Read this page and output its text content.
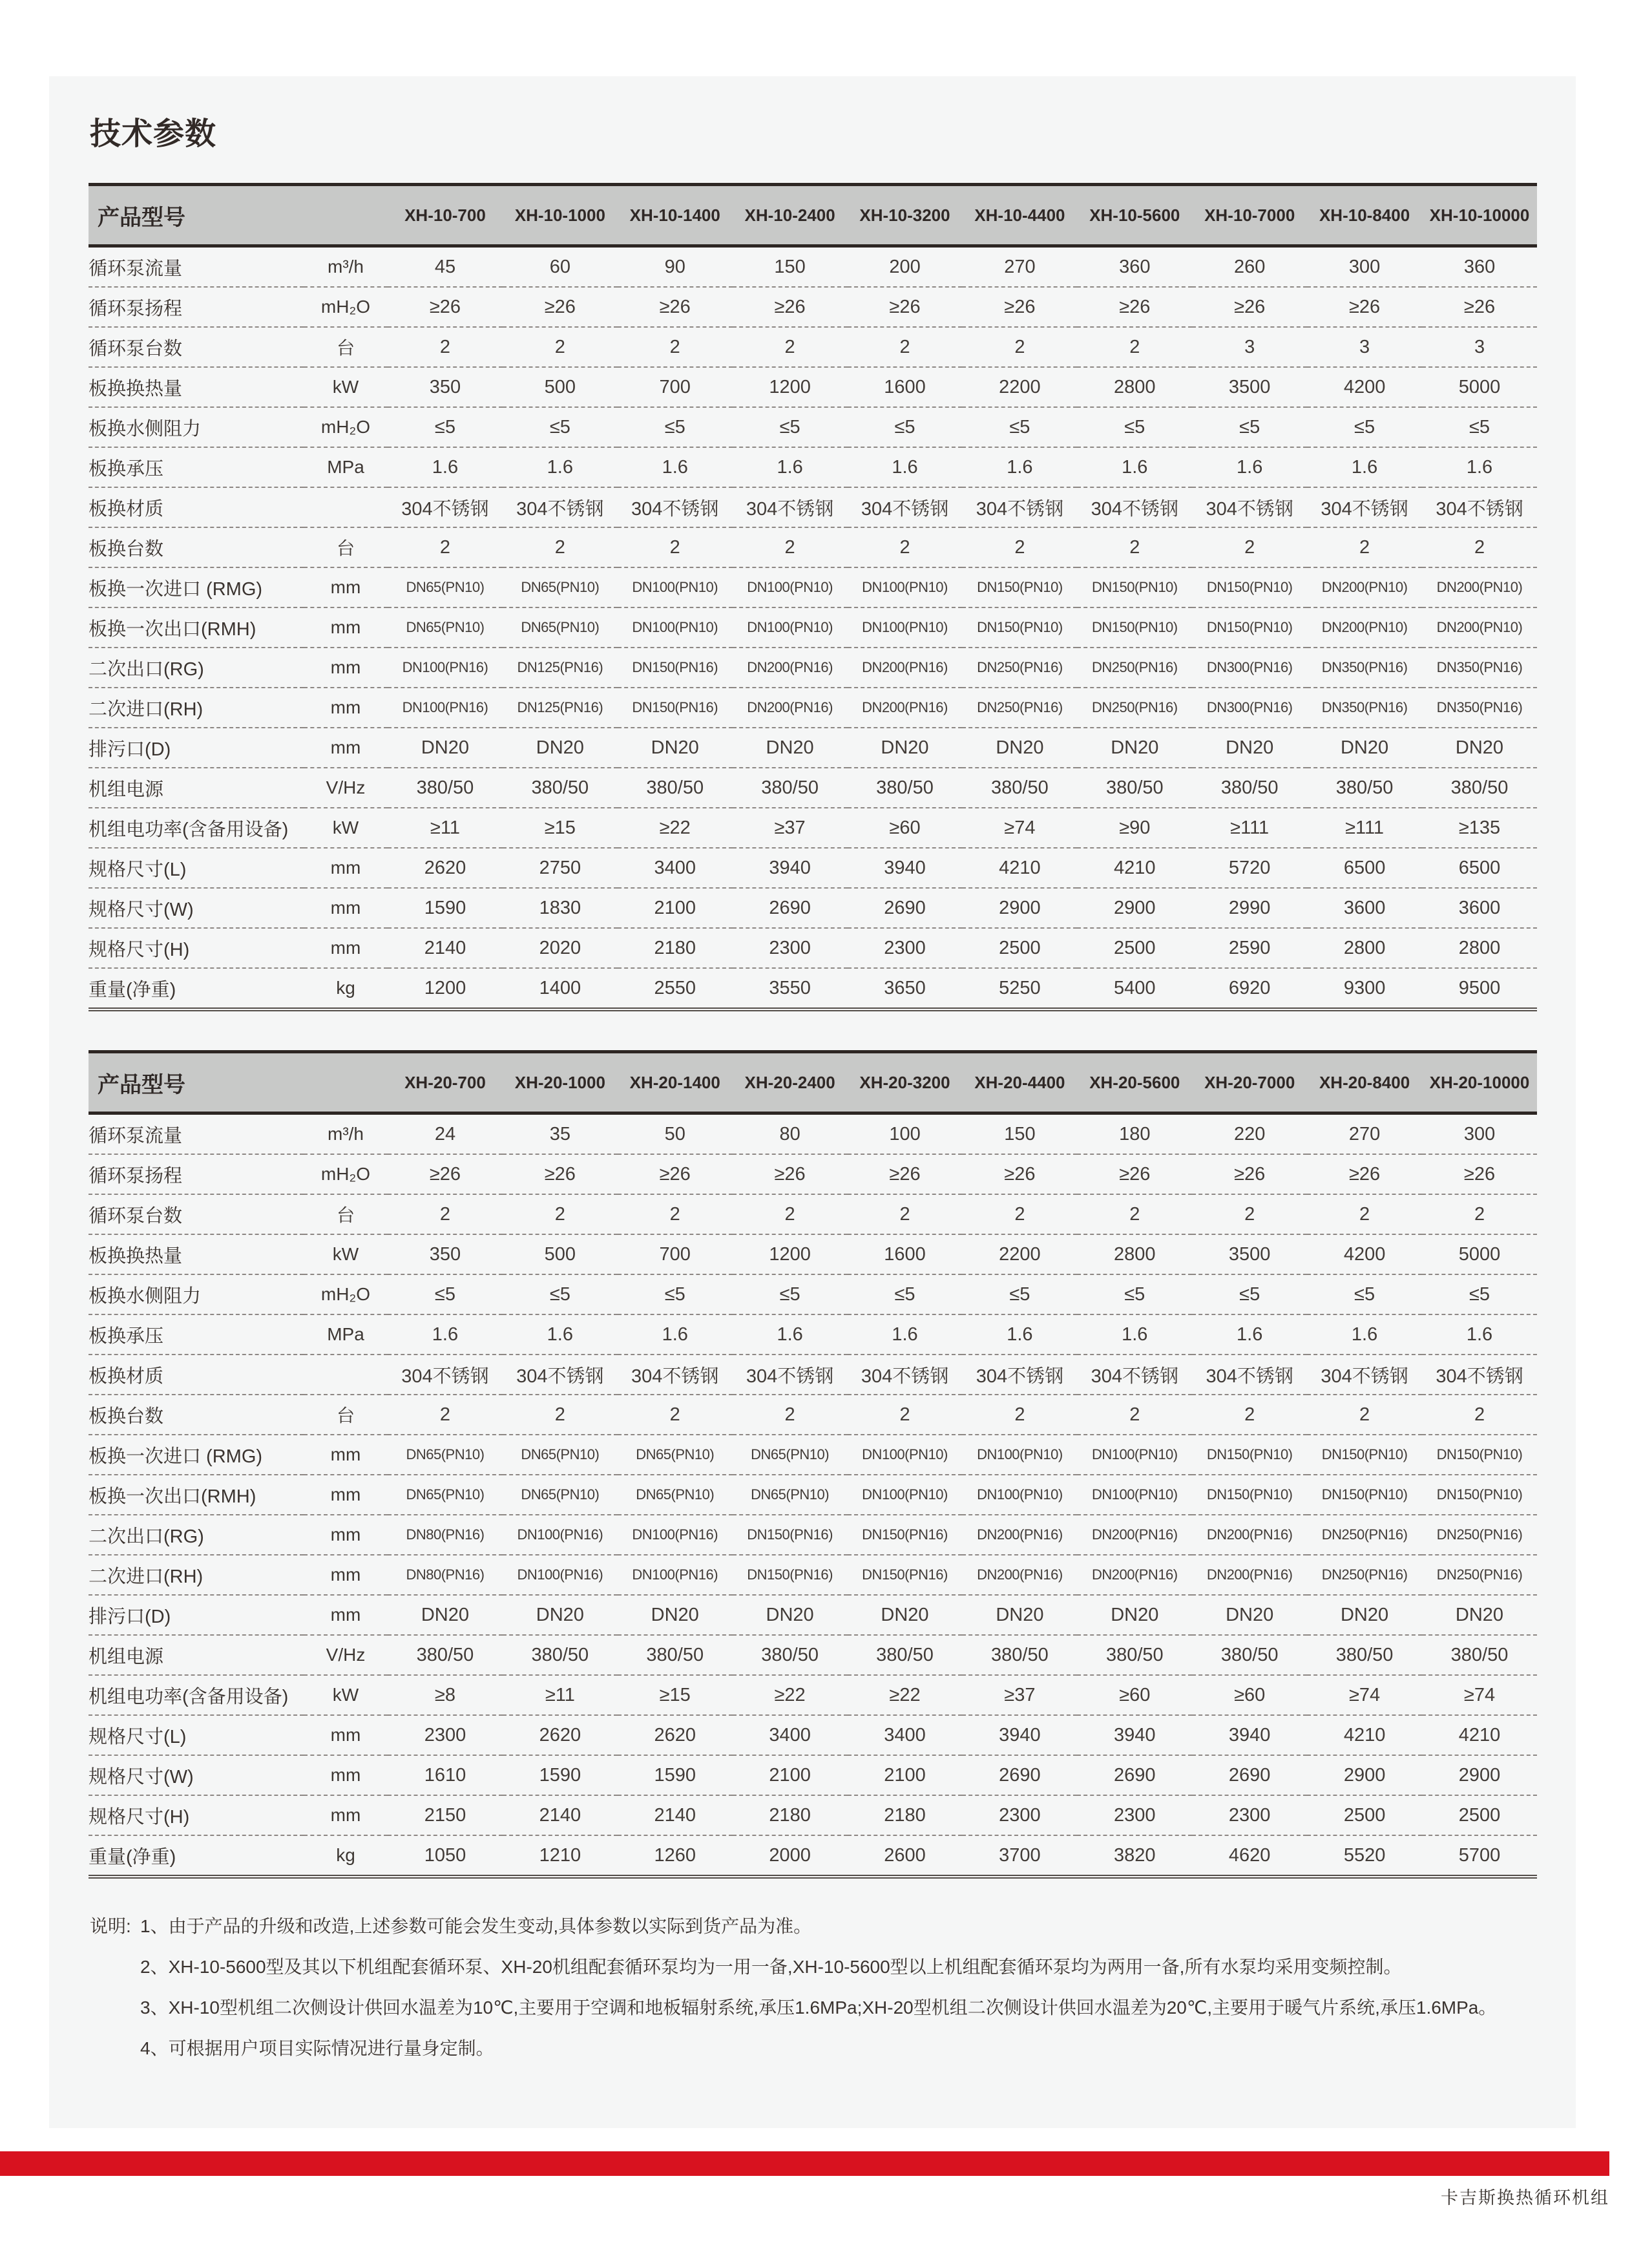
技术参数
产品型号		XH-10-700	XH-10-1000	XH-10-1400	XH-10-2400	XH-10-3200	XH-10-4400	XH-10-5600	XH-10-7000	XH-10-8400	XH-10-10000
循环泵流量	m³/h	45	60	90	150	200	270	360	260	300	360
循环泵扬程	mH₂O	≥26	≥26	≥26	≥26	≥26	≥26	≥26	≥26	≥26	≥26
循环泵台数	台	2	2	2	2	2	2	2	3	3	3
板换换热量	kW	350	500	700	1200	1600	2200	2800	3500	4200	5000
板换水侧阻力	mH₂O	≤5	≤5	≤5	≤5	≤5	≤5	≤5	≤5	≤5	≤5
板换承压	MPa	1.6	1.6	1.6	1.6	1.6	1.6	1.6	1.6	1.6	1.6
板换材质		304不锈钢	304不锈钢	304不锈钢	304不锈钢	304不锈钢	304不锈钢	304不锈钢	304不锈钢	304不锈钢	304不锈钢
板换台数	台	2	2	2	2	2	2	2	2	2	2
板换一次进口 (RMG)	mm	DN65(PN10)	DN65(PN10)	DN100(PN10)	DN100(PN10)	DN100(PN10)	DN150(PN10)	DN150(PN10)	DN150(PN10)	DN200(PN10)	DN200(PN10)
板换一次出口(RMH)	mm	DN65(PN10)	DN65(PN10)	DN100(PN10)	DN100(PN10)	DN100(PN10)	DN150(PN10)	DN150(PN10)	DN150(PN10)	DN200(PN10)	DN200(PN10)
二次出口(RG)	mm	DN100(PN16)	DN125(PN16)	DN150(PN16)	DN200(PN16)	DN200(PN16)	DN250(PN16)	DN250(PN16)	DN300(PN16)	DN350(PN16)	DN350(PN16)
二次进口(RH)	mm	DN100(PN16)	DN125(PN16)	DN150(PN16)	DN200(PN16)	DN200(PN16)	DN250(PN16)	DN250(PN16)	DN300(PN16)	DN350(PN16)	DN350(PN16)
排污口(D)	mm	DN20	DN20	DN20	DN20	DN20	DN20	DN20	DN20	DN20	DN20
机组电源	V/Hz	380/50	380/50	380/50	380/50	380/50	380/50	380/50	380/50	380/50	380/50
机组电功率(含备用设备)	kW	≥11	≥15	≥22	≥37	≥60	≥74	≥90	≥111	≥111	≥135
规格尺寸(L)	mm	2620	2750	3400	3940	3940	4210	4210	5720	6500	6500
规格尺寸(W)	mm	1590	1830	2100	2690	2690	2900	2900	2990	3600	3600
规格尺寸(H)	mm	2140	2020	2180	2300	2300	2500	2500	2590	2800	2800
重量(净重)	kg	1200	1400	2550	3550	3650	5250	5400	6920	9300	9500
产品型号		XH-20-700	XH-20-1000	XH-20-1400	XH-20-2400	XH-20-3200	XH-20-4400	XH-20-5600	XH-20-7000	XH-20-8400	XH-20-10000
循环泵流量	m³/h	24	35	50	80	100	150	180	220	270	300
循环泵扬程	mH₂O	≥26	≥26	≥26	≥26	≥26	≥26	≥26	≥26	≥26	≥26
循环泵台数	台	2	2	2	2	2	2	2	2	2	2
板换换热量	kW	350	500	700	1200	1600	2200	2800	3500	4200	5000
板换水侧阻力	mH₂O	≤5	≤5	≤5	≤5	≤5	≤5	≤5	≤5	≤5	≤5
板换承压	MPa	1.6	1.6	1.6	1.6	1.6	1.6	1.6	1.6	1.6	1.6
板换材质		304不锈钢	304不锈钢	304不锈钢	304不锈钢	304不锈钢	304不锈钢	304不锈钢	304不锈钢	304不锈钢	304不锈钢
板换台数	台	2	2	2	2	2	2	2	2	2	2
板换一次进口 (RMG)	mm	DN65(PN10)	DN65(PN10)	DN65(PN10)	DN65(PN10)	DN100(PN10)	DN100(PN10)	DN100(PN10)	DN150(PN10)	DN150(PN10)	DN150(PN10)
板换一次出口(RMH)	mm	DN65(PN10)	DN65(PN10)	DN65(PN10)	DN65(PN10)	DN100(PN10)	DN100(PN10)	DN100(PN10)	DN150(PN10)	DN150(PN10)	DN150(PN10)
二次出口(RG)	mm	DN80(PN16)	DN100(PN16)	DN100(PN16)	DN150(PN16)	DN150(PN16)	DN200(PN16)	DN200(PN16)	DN200(PN16)	DN250(PN16)	DN250(PN16)
二次进口(RH)	mm	DN80(PN16)	DN100(PN16)	DN100(PN16)	DN150(PN16)	DN150(PN16)	DN200(PN16)	DN200(PN16)	DN200(PN16)	DN250(PN16)	DN250(PN16)
排污口(D)	mm	DN20	DN20	DN20	DN20	DN20	DN20	DN20	DN20	DN20	DN20
机组电源	V/Hz	380/50	380/50	380/50	380/50	380/50	380/50	380/50	380/50	380/50	380/50
机组电功率(含备用设备)	kW	≥8	≥11	≥15	≥22	≥22	≥37	≥60	≥60	≥74	≥74
规格尺寸(L)	mm	2300	2620	2620	3400	3400	3940	3940	3940	4210	4210
规格尺寸(W)	mm	1610	1590	1590	2100	2100	2690	2690	2690	2900	2900
规格尺寸(H)	mm	2150	2140	2140	2180	2180	2300	2300	2300	2500	2500
重量(净重)	kg	1050	1210	1260	2000	2600	3700	3820	4620	5520	5700
说明: 1、由于产品的升级和改造,上述参数可能会发生变动,具体参数以实际到货产品为准。
2、XH-10-5600型及其以下机组配套循环泵、XH-20机组配套循环泵均为一用一备,XH-10-5600型以上机组配套循环泵均为两用一备,所有水泵均采用变频控制。
3、XH-10型机组二次侧设计供回水温差为10℃,主要用于空调和地板辐射系统,承压1.6MPa;XH-20型机组二次侧设计供回水温差为20℃,主要用于暖气片系统,承压1.6MPa。
4、可根据用户项目实际情况进行量身定制。
卡吉斯换热循环机组
